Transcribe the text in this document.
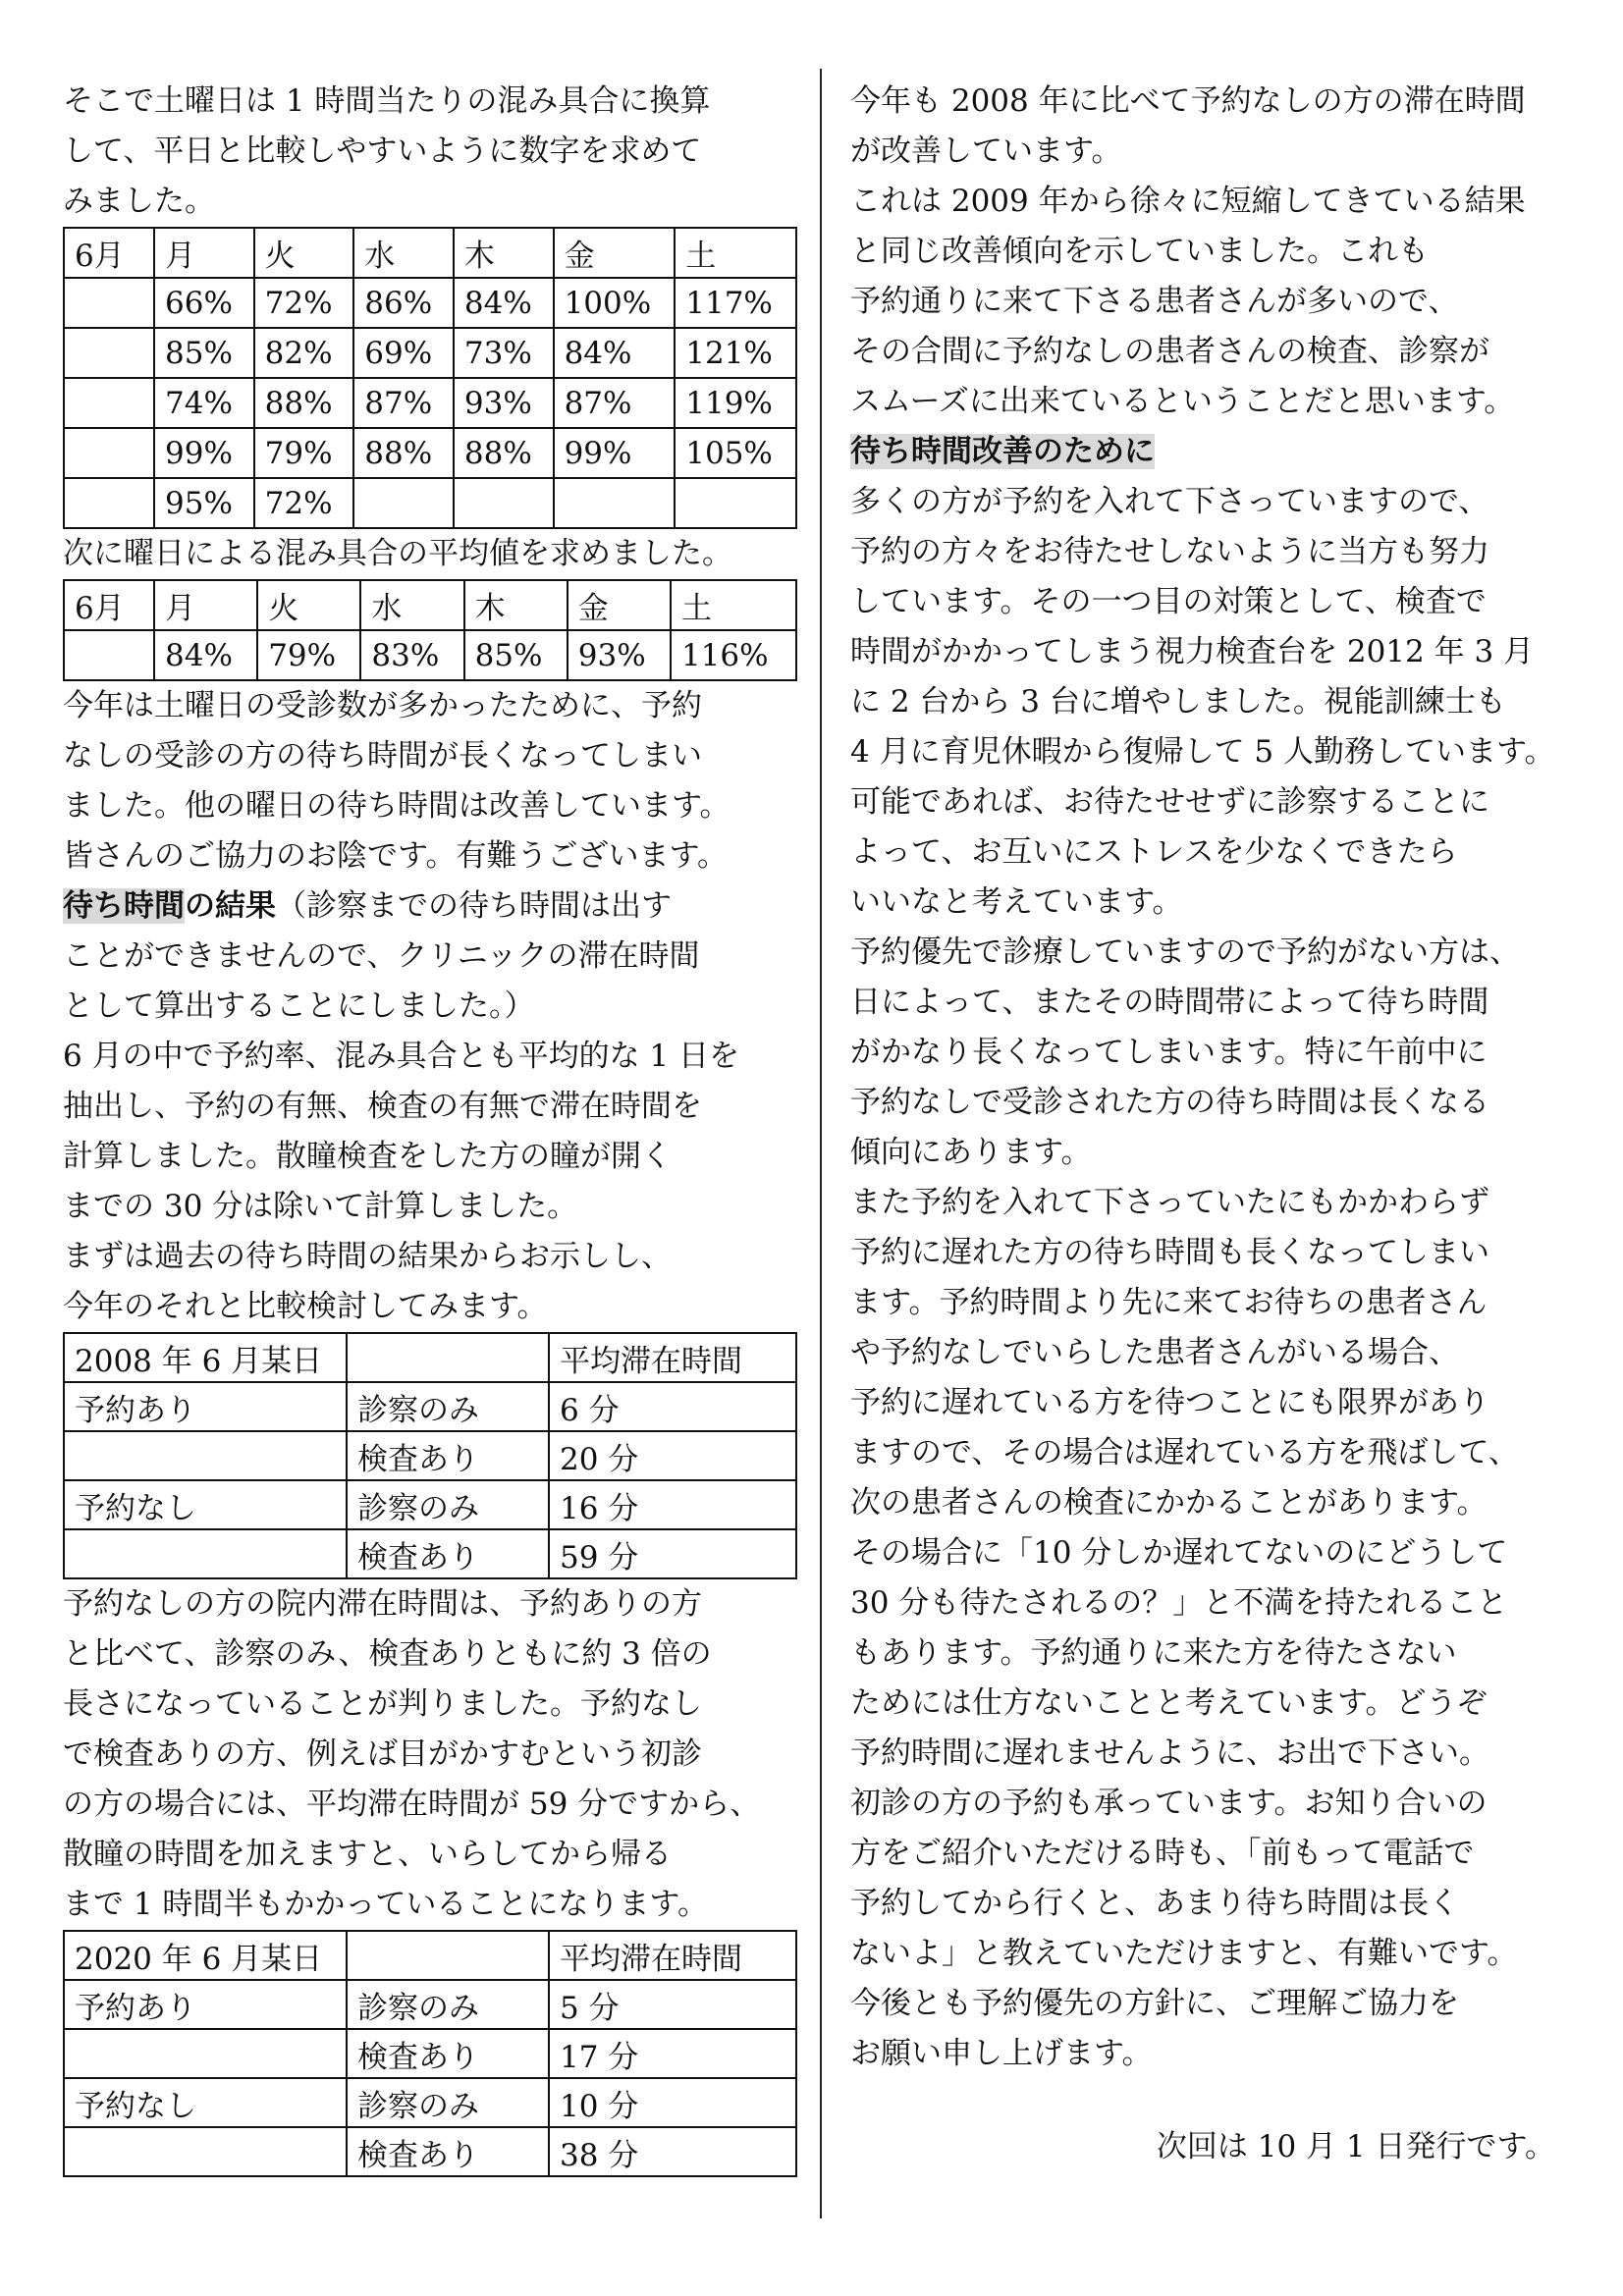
そこで土曜日は 1 時間当たりの混み具合に換算

して、平日と比較しやすいように数字を求めて

みました。

6月	月	火	水	木	金	土
	66%	72%	86%	84%	100%	117%
	85%	82%	69%	73%	84%	121%
	74%	88%	87%	93%	87%	119%
	99%	79%	88%	88%	99%	105%
	95%	72%				

次に曜日による混み具合の平均値を求めました。

6月	月	火	水	木	金	土
	84%	79%	83%	85%	93%	116%

今年は土曜日の受診数が多かったために、予約

なしの受診の方の待ち時間が長くなってしまい

ました。他の曜日の待ち時間は改善しています。

皆さんのご協力のお陰です。有難うございます。

待ち時間の結果（診察までの待ち時間は出す

ことができませんので、クリニックの滞在時間

として算出することにしました。）

6 月の中で予約率、混み具合とも平均的な 1 日を

抽出し、予約の有無、検査の有無で滞在時間を

計算しました。散瞳検査をした方の瞳が開く

までの 30 分は除いて計算しました。

まずは過去の待ち時間の結果からお示しし、

今年のそれと比較検討してみます。

2008 年 6 月某日		平均滞在時間
予約あり	診察のみ	6 分
	検査あり	20 分
予約なし	診察のみ	16 分
	検査あり	59 分

予約なしの方の院内滞在時間は、予約ありの方

と比べて、診察のみ、検査ありともに約 3 倍の

長さになっていることが判りました。予約なし

で検査ありの方、例えば目がかすむという初診

の方の場合には、平均滞在時間が 59 分ですから、

散瞳の時間を加えますと、いらしてから帰る

まで 1 時間半もかかっていることになります。

2020 年 6 月某日		平均滞在時間
予約あり	診察のみ	5 分
	検査あり	17 分
予約なし	診察のみ	10 分
	検査あり	38 分

今年も 2008 年に比べて予約なしの方の滞在時間

が改善しています。

これは 2009 年から徐々に短縮してきている結果

と同じ改善傾向を示していました。これも

予約通りに来て下さる患者さんが多いので、

その合間に予約なしの患者さんの検査、診察が

スムーズに出来ているということだと思います。

待ち時間改善のために

多くの方が予約を入れて下さっていますので、

予約の方々をお待たせしないように当方も努力

しています。その一つ目の対策として、検査で

時間がかかってしまう視力検査台を 2012 年 3 月

に 2 台から 3 台に増やしました。視能訓練士も

4 月に育児休暇から復帰して 5 人勤務しています。

可能であれば、お待たせせずに診察することに

よって、お互いにストレスを少なくできたら

いいなと考えています。

予約優先で診療していますので予約がない方は、

日によって、またその時間帯によって待ち時間

がかなり長くなってしまいます。特に午前中に

予約なしで受診された方の待ち時間は長くなる

傾向にあります。

また予約を入れて下さっていたにもかかわらず

予約に遅れた方の待ち時間も長くなってしまい

ます。予約時間より先に来てお待ちの患者さん

や予約なしでいらした患者さんがいる場合、

予約に遅れている方を待つことにも限界があり

ますので、その場合は遅れている方を飛ばして、

次の患者さんの検査にかかることがあります。

その場合に「10 分しか遅れてないのにどうして

30 分も待たされるの？」と不満を持たれること

もあります。予約通りに来た方を待たさない

ためには仕方ないことと考えています。どうぞ

予約時間に遅れませんように、お出で下さい。

初診の方の予約も承っています。お知り合いの

方をご紹介いただける時も、「前もって電話で

予約してから行くと、あまり待ち時間は長く

ないよ」と教えていただけますと、有難いです。

今後とも予約優先の方針に、ご理解ご協力を

お願い申し上げます。

次回は 10 月 1 日発行です。
